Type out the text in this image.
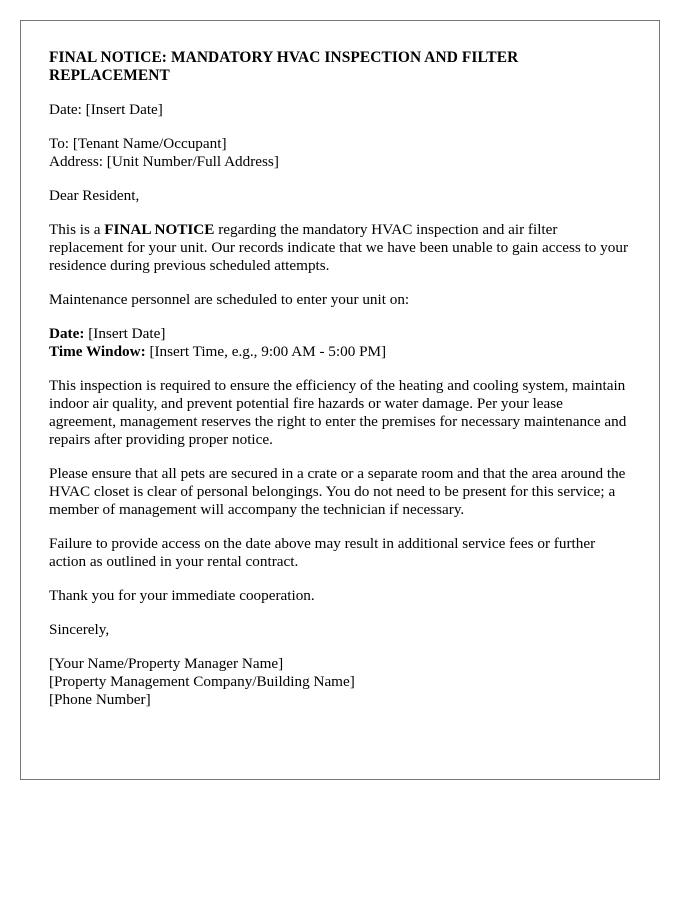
FINAL NOTICE: MANDATORY HVAC INSPECTION AND FILTER REPLACEMENT
Date: [Insert Date]
To: [Tenant Name/Occupant]
Address: [Unit Number/Full Address]
Dear Resident,
This is a FINAL NOTICE regarding the mandatory HVAC inspection and air filter replacement for your unit. Our records indicate that we have been unable to gain access to your residence during previous scheduled attempts.
Maintenance personnel are scheduled to enter your unit on:
Date: [Insert Date]
Time Window: [Insert Time, e.g., 9:00 AM - 5:00 PM]
This inspection is required to ensure the efficiency of the heating and cooling system, maintain indoor air quality, and prevent potential fire hazards or water damage. Per your lease agreement, management reserves the right to enter the premises for necessary maintenance and repairs after providing proper notice.
Please ensure that all pets are secured in a crate or a separate room and that the area around the HVAC closet is clear of personal belongings. You do not need to be present for this service; a member of management will accompany the technician if necessary.
Failure to provide access on the date above may result in additional service fees or further action as outlined in your rental contract.
Thank you for your immediate cooperation.
Sincerely,
[Your Name/Property Manager Name]
[Property Management Company/Building Name]
[Phone Number]
